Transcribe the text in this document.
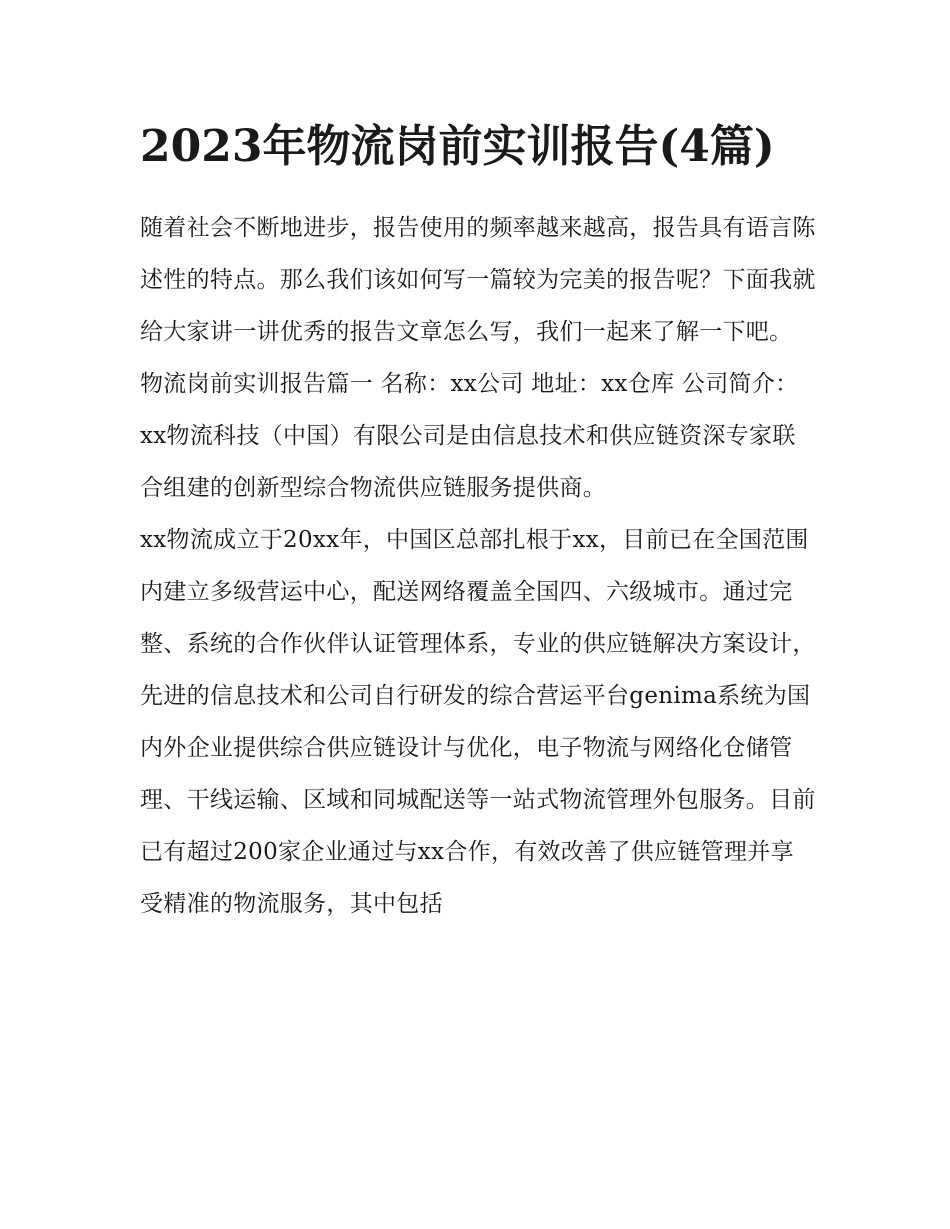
2023年物流岗前实训报告(4篇)

随着社会不断地进步，报告使用的频率越来越高，报告具有语言陈述性的特点。那么我们该如何写一篇较为完美的报告呢？下面我就给大家讲一讲优秀的报告文章怎么写，我们一起来了解一下吧。

物流岗前实训报告篇一 名称：xx公司 地址：xx仓库 公司简介：

xx物流科技（中国）有限公司是由信息技术和供应链资深专家联合组建的创新型综合物流供应链服务提供商。

xx物流成立于20xx年，中国区总部扎根于xx，目前已在全国范围内建立多级营运中心，配送网络覆盖全国四、六级城市。通过完整、系统的合作伙伴认证管理体系，专业的供应链解决方案设计，先进的信息技术和公司自行研发的综合营运平台genima系统为国内外企业提供综合供应链设计与优化，电子物流与网络化仓储管理、干线运输、区域和同城配送等一站式物流管理外包服务。目前已有超过200家企业通过与xx合作，有效改善了供应链管理并享受精准的物流服务，其中包括
